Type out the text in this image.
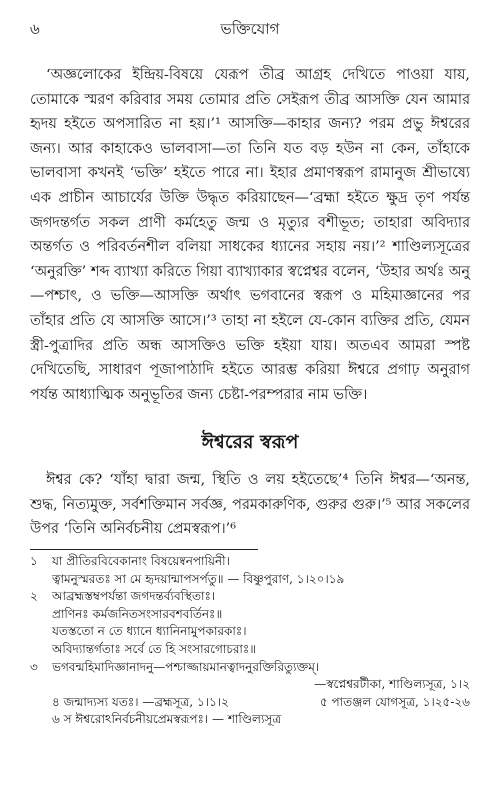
৬	ভক্তিযোগ

‘অজ্ঞলোকের ইন্দ্রিয়-বিষয়ে যেরূপ তীব্র আগ্রহ দেখিতে পাওয়া যায়, তোমাকে স্মরণ করিবার সময় তোমার প্রতি সেইরূপ তীব্র আসক্তি যেন আমার হৃদয় হইতে অপসারিত না হয়।’¹ আসক্তি—কাহার জন্য? পরম প্রভু ঈশ্বরের জন্য। আর কাহাকেও ভালবাসা—তা তিনি যত বড় হউন না কেন, তাঁহাকে ভালবাসা কখনই ‘ভক্তি’ হইতে পারে না। ইহার প্রমাণস্বরূপ রামানুজ শ্রীভাষ্যে এক প্রাচীন আচার্যের উক্তি উদ্ধৃত করিয়াছেন—‘ব্রহ্মা হইতে ক্ষুদ্র তৃণ পর্যন্ত জগদন্তর্গত সকল প্রাণী কর্মহেতু জন্ম ও মৃত্যুর বশীভূত; তাহারা অবিদ্যার অন্তর্গত ও পরিবর্তনশীল বলিয়া সাধকের ধ্যানের সহায় নয়।’² শাণ্ডিল্যসূত্রের ‘অনুরক্তি’ শব্দ ব্যাখ্যা করিতে গিয়া ব্যাখ্যাকার স্বপ্নেশ্বর বলেন, ‘উহার অর্থঃ অনু—পশ্চাৎ, ও ভক্তি—আসক্তি অর্থাৎ ভগবানের স্বরূপ ও মহিমাজ্ঞানের পর তাঁহার প্রতি যে আসক্তি আসে।’³ তাহা না হইলে যে-কোন ব্যক্তির প্রতি, যেমন স্ত্রী-পুত্রাদির প্রতি অন্ধ আসক্তিও ভক্তি হইয়া যায়। অতএব আমরা স্পষ্ট দেখিতেছি, সাধারণ পূজাপাঠাদি হইতে আরম্ভ করিয়া ঈশ্বরে প্রগাঢ় অনুরাগ পর্যন্ত আধ্যাত্মিক অনুভূতির জন্য চেষ্টা-পরম্পরার নাম ভক্তি।

ঈশ্বরের স্বরূপ

ঈশ্বর কে? ‘যাঁহা দ্বারা জন্ম, স্থিতি ও লয় হইতেছে’⁴ তিনি ঈশ্বর—‘অনন্ত, শুদ্ধ, নিত্যমুক্ত, সর্বশক্তিমান সর্বজ্ঞ, পরমকারুণিক, গুরুর গুরু।’⁵ আর সকলের উপর ‘তিনি অনির্বচনীয় প্রেমস্বরূপ।’⁶

১	যা প্রীতিরবিবেকানাং বিষয়েষ্বনপায়িনী।
ত্বামনুস্মরতঃ সা মে হৃদয়ান্মাপসর্পতু॥ — বিষ্ণুপুরাণ, ১।২০।১৯
২	আব্রহ্মস্তম্বপর্যন্তা জগদন্তর্ব্যবস্থিতাঃ।
প্রাণিনঃ কর্মজনিতসংসারবশবর্তিনঃ॥
যতস্ততো ন তে ধ্যানে ধ্যানিনামুপকারকাঃ।
অবিদ্যান্তর্গতাঃ সর্বে তে হি সংসারগোচরাঃ॥
৩	ভগবন্মহিমাদিজ্ঞানাদনু—পশ্চাজ্জায়মানত্বাদনুরক্তিরিত্যুক্তম্।
—স্বপ্নেশ্বরটীকা, শাণ্ডিল্যসূত্র, ১।২
৪ জন্মাদ্যস্য যতঃ। —ব্রহ্মসূত্র, ১।১।২	৫ পাতঞ্জল যোগসূত্র, ১।২৫-২৬
৬ স ঈশ্বরোঽনির্বচনীয়প্রেমস্বরূপঃ। — শাণ্ডিল্যসূত্র
